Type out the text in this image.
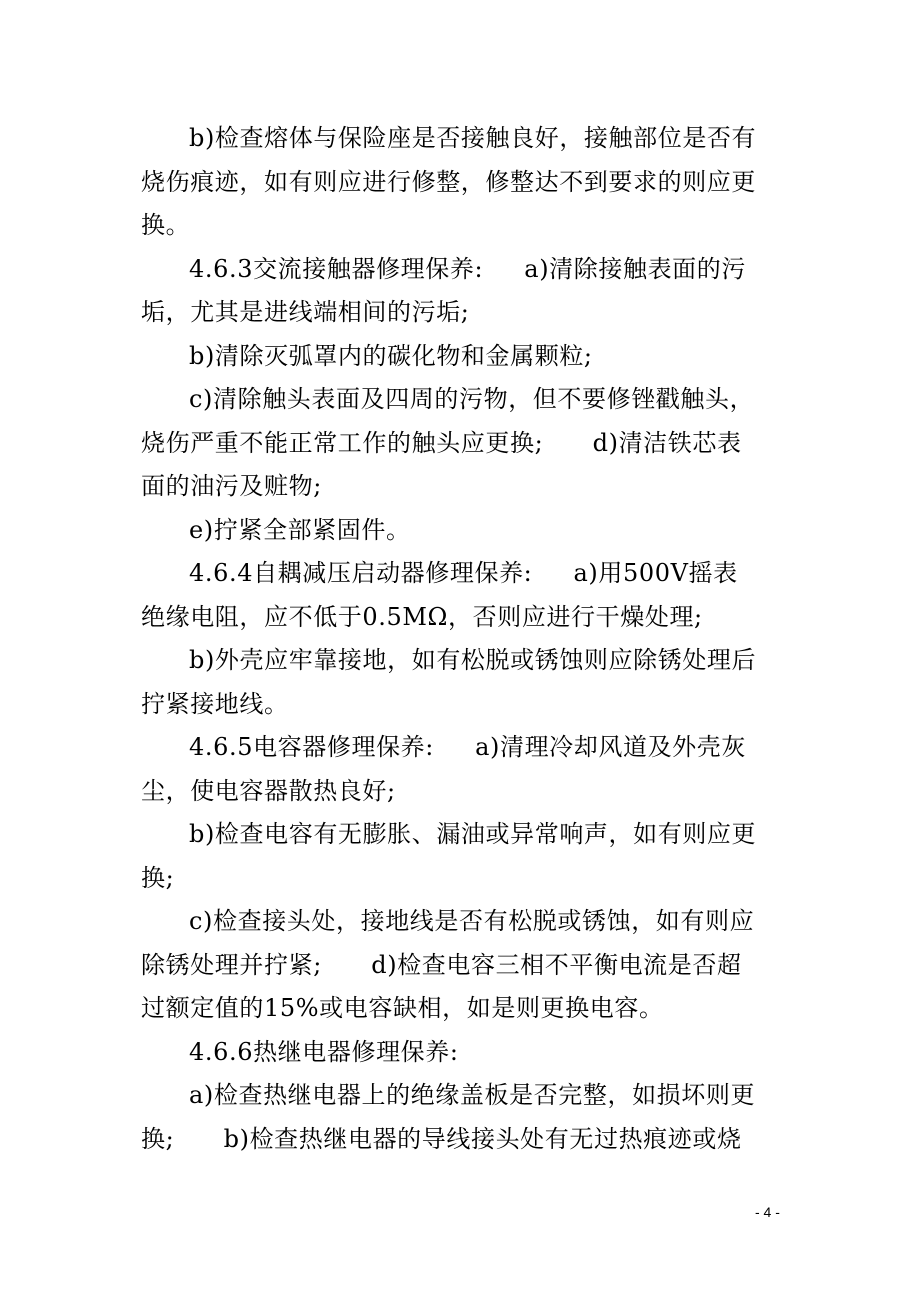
b)检查熔体与保险座是否接触良好，接触部位是否有
烧伤痕迹，如有则应进行修整，修整达不到要求的则应更
换。
4.6.3交流接触器修理保养:     a)清除接触表面的污
垢，尤其是进线端相间的污垢;
b)清除灭弧罩内的碳化物和金属颗粒;
c)清除触头表面及四周的污物，但不要修锉戳触头，
烧伤严重不能正常工作的触头应更换;      d)清洁铁芯表
面的油污及赃物;
e)拧紧全部紧固件。
4.6.4自耦减压启动器修理保养:     a)用500V摇表
绝缘电阻，应不低于0.5MΩ，否则应进行干燥处理;
b)外壳应牢靠接地，如有松脱或锈蚀则应除锈处理后
拧紧接地线。
4.6.5电容器修理保养:     a)清理冷却风道及外壳灰
尘，使电容器散热良好;
b)检查电容有无膨胀、漏油或异常响声，如有则应更
换;
c)检查接头处，接地线是否有松脱或锈蚀，如有则应
除锈处理并拧紧;      d)检查电容三相不平衡电流是否超
过额定值的15%或电容缺相，如是则更换电容。
4.6.6热继电器修理保养:
a)检查热继电器上的绝缘盖板是否完整，如损坏则更
换;      b)检查热继电器的导线接头处有无过热痕迹或烧
- 4 -
